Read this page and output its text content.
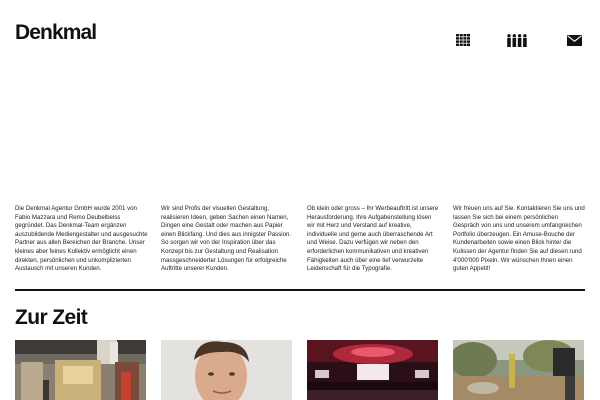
Denkmal

Die Denkmal Agentur GmbH wurde 2001 von Fabio Mazzara und Remo Deubelbeiss gegründet. Das Denkmal-Team ergänzen auszubildende Mediengestalter und ausgesuchte Partner aus allen Bereichen der Branche. Unser kleines aber feines Kollektiv ermöglicht einen direkten, persönlichen und unkomplizierten Austausch mit unseren Kunden.

Wir sind Profis der visuellen Gestaltung, realisieren Ideen, geben Sachen einen Namen, Dingen eine Gestalt oder machen aus Papier einen Blickfang. Und dies aus innigster Passion. So sorgen wir von der Inspiration über das Konzept bis zur Gestaltung und Realisation massgeschneiderter Lösungen für erfolgreiche Auftritte unserer Kunden.

Ob klein oder gross – Ihr Werbeauftritt ist unsere Herausforderung. Ihre Aufgabenstellung lösen wir mit Herz und Verstand auf kreative, individuelle und gerne auch überraschende Art und Weise. Dazu verfügen wir neben den erforderlichen kommunikativen und kreativen Fähigkeiten auch über eine tief verwurzelte Leidenschaft für die Typografie.

Wir freuen uns auf Sie. Kontaktieren Sie uns und lassen Sie sich bei einem persönlichen Gespräch von uns und unserem umfangreichen Portfolio überzeugen. Ein Amuse-Bouche der Kundenarbeiten sowie einen Blick hinter die Kulissen der Agentur finden Sie auf diesen rund 4'000'000 Pixeln. Wir wünschen Ihnen einen guten Appetit!

Zur Zeit
